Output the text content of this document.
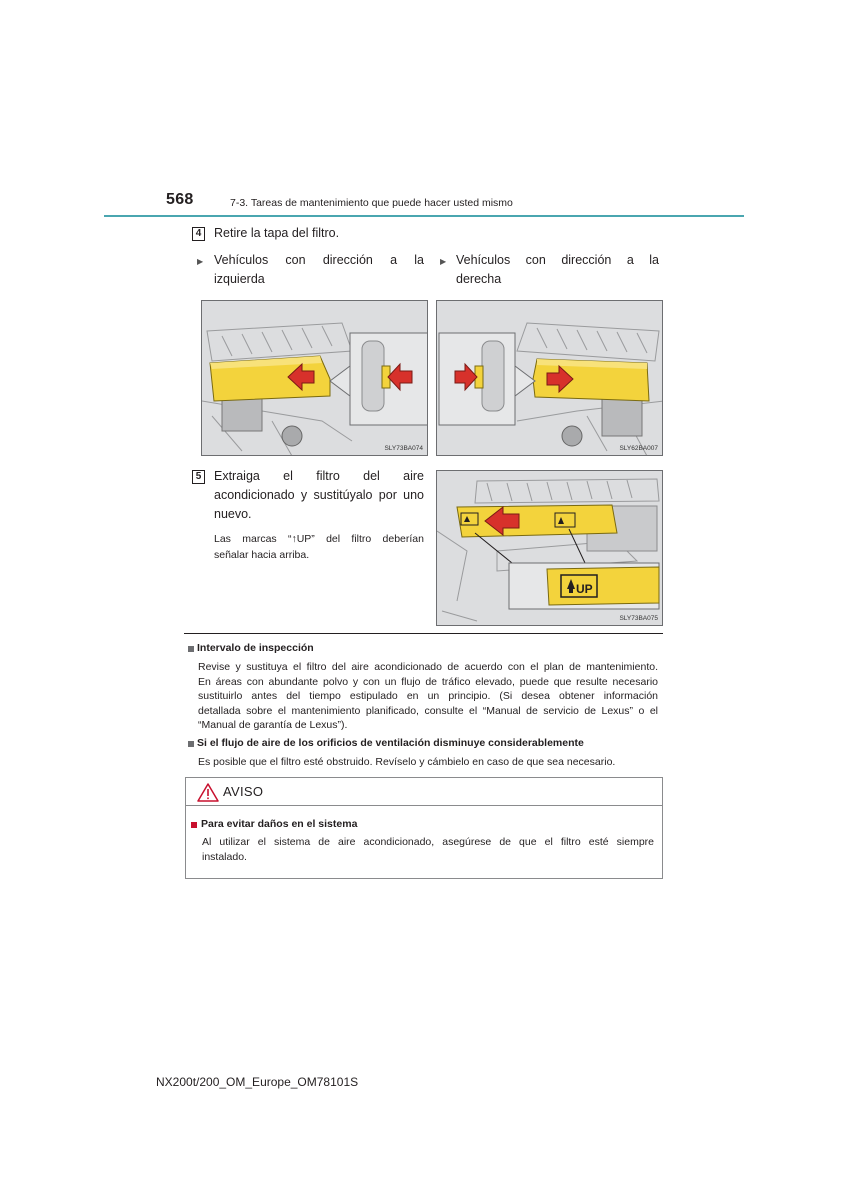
568	7-3. Tareas de mantenimiento que puede hacer usted mismo
4 Retire la tapa del filtro.
▶ Vehículos con dirección a la
izquierda
▶ Vehículos con dirección a la
derecha
SLY73BA074	SLY62BA007
5 Extraiga el filtro del aire
acondicionado y sustitúyalo por uno
nuevo.
Las marcas “↑UP” del filtro deberían
señalar hacia arriba.
UP
SLY73BA075
Intervalo de inspección
Revise y sustituya el filtro del aire acondicionado de acuerdo con el plan de mantenimiento.
En áreas con abundante polvo y con un flujo de tráfico elevado, puede que resulte necesario
sustituirlo antes del tiempo estipulado en un principio. (Si desea obtener información
detallada sobre el mantenimiento planificado, consulte el “Manual de servicio de Lexus” o el
“Manual de garantía de Lexus”).
Si el flujo de aire de los orificios de ventilación disminuye considerablemente
Es posible que el filtro esté obstruido. Revíselo y cámbielo en caso de que sea necesario.
AVISO
Para evitar daños en el sistema
Al utilizar el sistema de aire acondicionado, asegúrese de que el filtro esté siempre
instalado.
NX200t/200_OM_Europe_OM78101S
